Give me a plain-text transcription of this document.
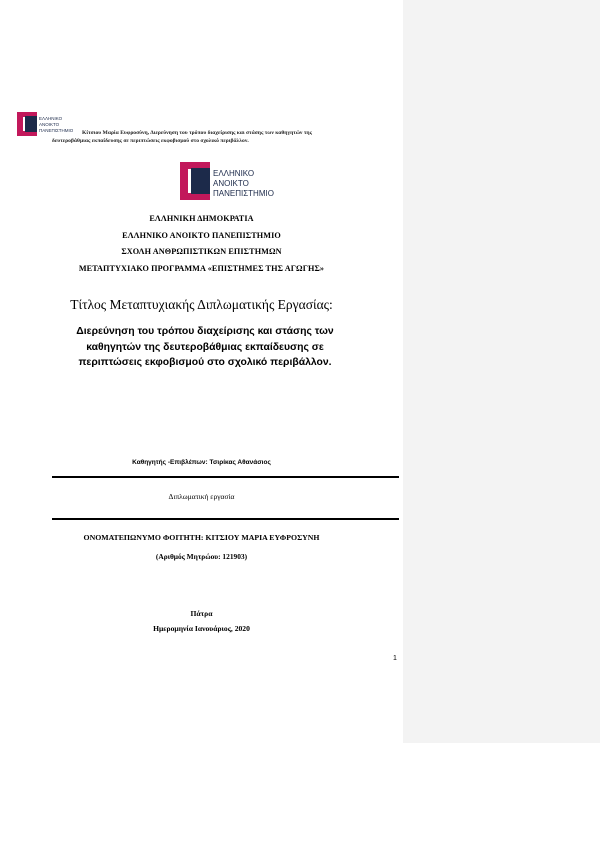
ΕΛΛΗΝΙΚΟ
ΑΝΟΙΚΤΟ
ΠΑΝΕΠΙΣΤΗΜΙΟ	Κίτσιου Μαρία Ευφροσύνη, Διερεύνηση του τρόπου διαχείρισης και στάσης των καθηγητών της
δευτεροβάθμιας εκπαίδευσης σε περιπτώσεις εκφοβισμού στο σχολικό περιβάλλον.
ΕΛΛΗΝΙΚΟ
ΑΝΟΙΚΤΟ
ΠΑΝΕΠΙΣΤΗΜΙΟ
ΕΛΛΗΝΙΚΗ ΔΗΜΟΚΡΑΤΙΑ
ΕΛΛΗΝΙΚΟ ΑΝΟΙΚΤΟ ΠΑΝΕΠΙΣΤΗΜΙΟ
ΣΧΟΛΗ ΑΝΘΡΩΠΙΣΤΙΚΩΝ ΕΠΙΣΤΗΜΩΝ
ΜΕΤΑΠΤΥΧΙΑΚΟ ΠΡΟΓΡΑΜΜΑ «ΕΠΙΣΤΗΜΕΣ ΤΗΣ ΑΓΩΓΗΣ»
Τίτλος Μεταπτυχιακής Διπλωματικής Εργασίας:
Διερεύνηση του τρόπου διαχείρισης και στάσης των καθηγητών της δευτεροβάθμιας εκπαίδευσης σε περιπτώσεις εκφοβισμού στο σχολικό περιβάλλον.
Καθηγητής -Επιβλέπων: Τσιρίκας Αθανάσιος
Διπλωματική εργασία
ΟΝΟΜΑΤΕΠΩΝΥΜΟ ΦΟΙΤΗΤΗ: ΚΙΤΣΙΟΥ ΜΑΡΙΑ ΕΥΦΡΟΣΥΝΗ
(Αριθμός Μητρώου: 121903)
Πάτρα
Ημερομηνία Ιανουάριος, 2020
1
